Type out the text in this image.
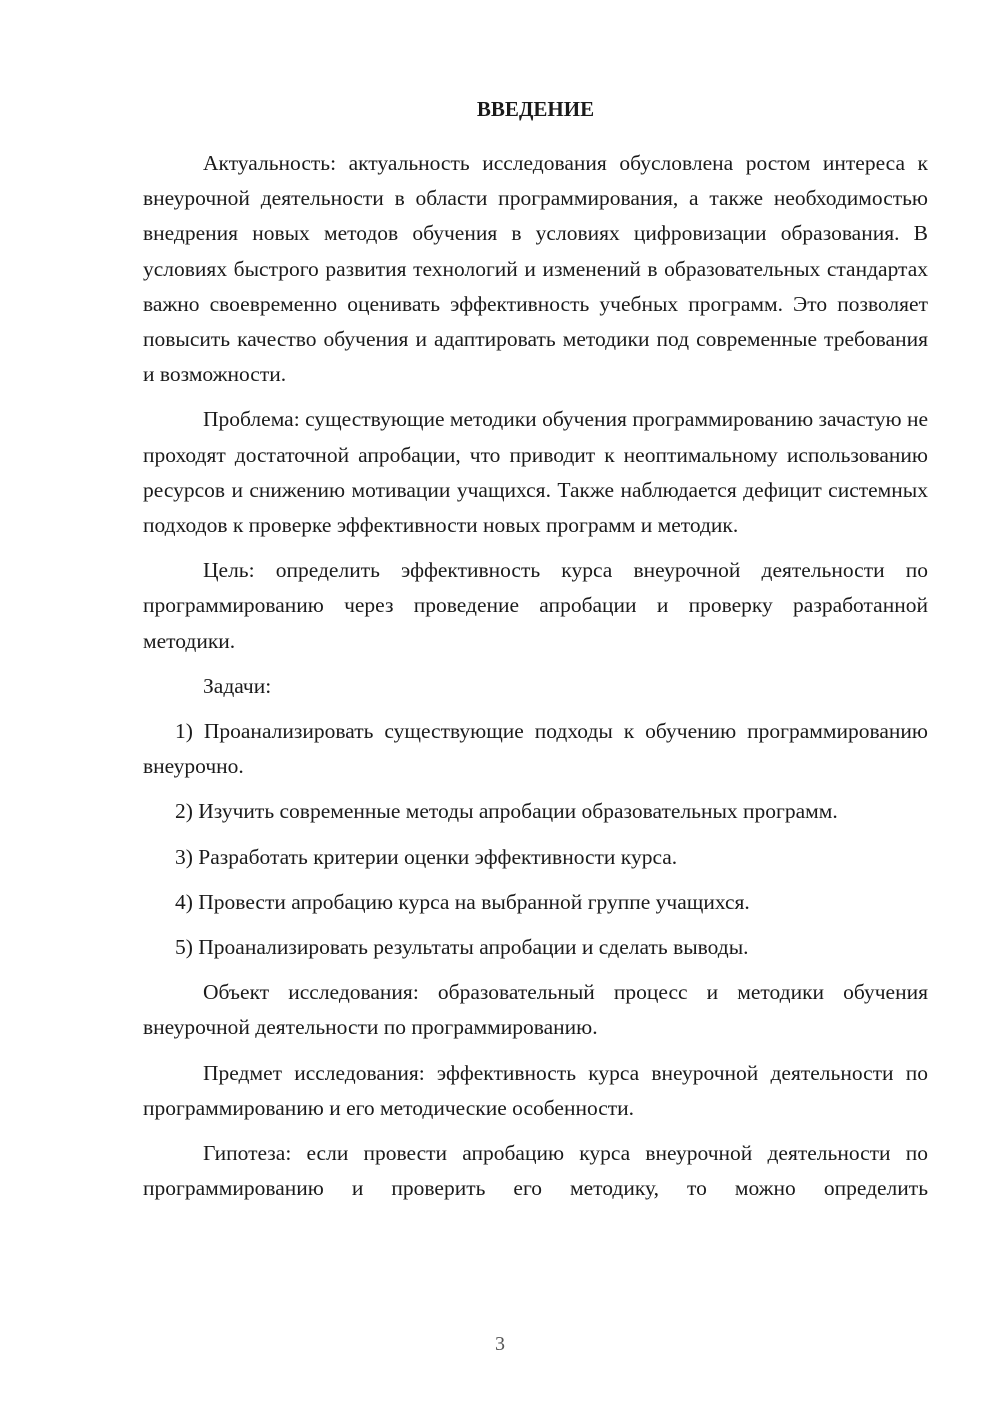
ВВЕДЕНИЕ

Актуальность: актуальность исследования обусловлена ростом интереса к внеурочной деятельности в области программирования, а также необходимостью внедрения новых методов обучения в условиях цифровизации образования. В условиях быстрого развития технологий и изменений в образовательных стандартах важно своевременно оценивать эффективность учебных программ. Это позволяет повысить качество обучения и адаптировать методики под современные требования и возможности.

Проблема: существующие методики обучения программированию зачастую не проходят достаточной апробации, что приводит к неоптимальному использованию ресурсов и снижению мотивации учащихся. Также наблюдается дефицит системных подходов к проверке эффективности новых программ и методик.

Цель: определить эффективность курса внеурочной деятельности по программированию через проведение апробации и проверку разработанной методики.

Задачи:

1) Проанализировать существующие подходы к обучению программированию внеурочно.

2) Изучить современные методы апробации образовательных программ.

3) Разработать критерии оценки эффективности курса.

4) Провести апробацию курса на выбранной группе учащихся.

5) Проанализировать результаты апробации и сделать выводы.

Объект исследования: образовательный процесс и методики обучения внеурочной деятельности по программированию.

Предмет исследования: эффективность курса внеурочной деятельности по программированию и его методические особенности.

Гипотеза: если провести апробацию курса внеурочной деятельности по программированию и проверить его методику, то можно определить

3
